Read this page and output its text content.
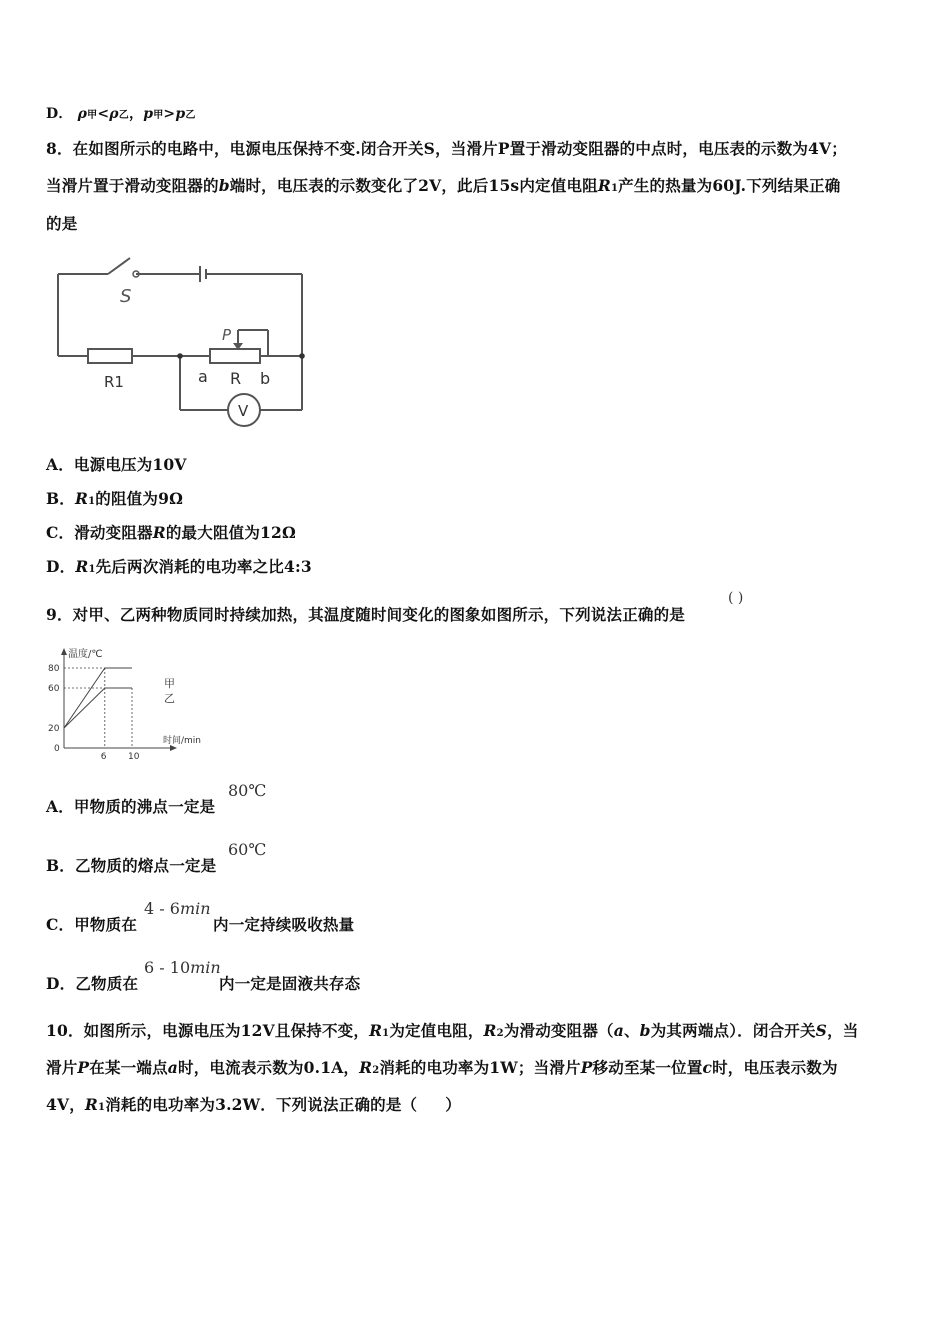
D． ρ甲<ρ乙，p甲>p乙
8．在如图所示的电路中，电源电压保持不变.闭合开关S，当滑片P置于滑动变阻器的中点时，电压表的示数为4V；
当滑片置于滑动变阻器的b端时，电压表的示数变化了2V，此后15s内定值电阻R1产生的热量为60J.下列结果正确
的是
S
R1
P
a R b
V
A．电源电压为10V
B．R1的阻值为9Ω
C．滑动变阻器R的最大阻值为12Ω
D．R1先后两次消耗的电功率之比4:3
9．对甲、乙两种物质同时持续加热，其温度随时间变化的图象如图所示，下列说法正确的是
( )
80
60
20
0
6 10
温度/℃
时间/min
甲
乙
A．甲物质的沸点一定是
80℃
B．乙物质的熔点一定是
60℃
C．甲物质在
4 - 6min
内一定持续吸收热量
D．乙物质在
6 - 10min
内一定是固液共存态
10．如图所示，电源电压为12V且保持不变，R1为定值电阻，R2为滑动变阻器（a、b为其两端点）．闭合开关S，当
滑片P在某一端点a时，电流表示数为0.1A，R2消耗的电功率为1W；当滑片P移动至某一位置c时，电压表示数为
4V，R1消耗的电功率为3.2W．下列说法正确的是（     ）
